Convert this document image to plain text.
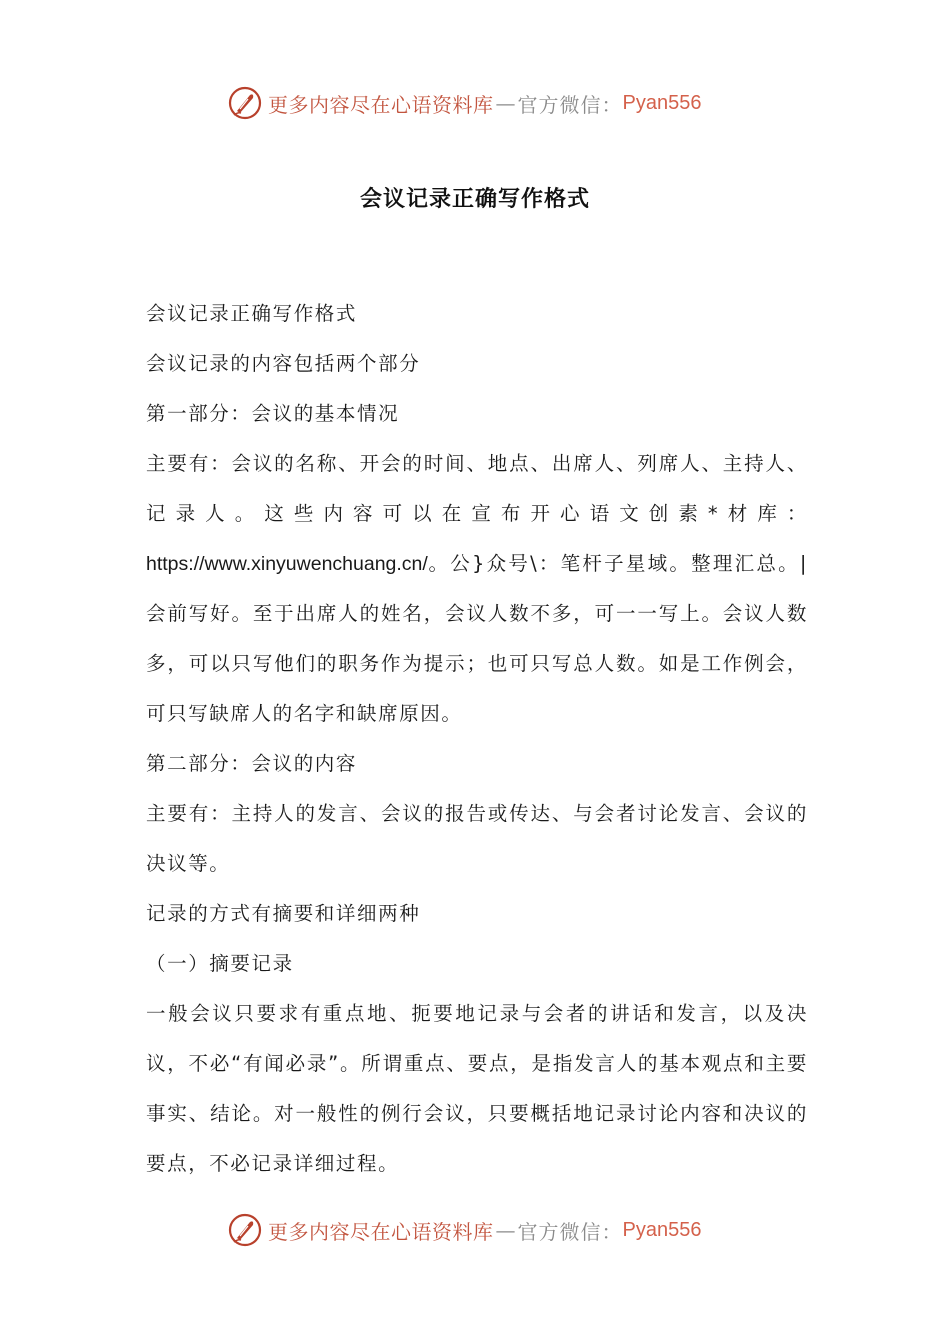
更多内容尽在心语资料库 — 官方微信： Pyan556
会议记录正确写作格式

会议记录正确写作格式

会议记录的内容包括两个部分

第一部分：会议的基本情况

主要有：会议的名称、开会的时间、地点、出席人、列席人、主持人、记录人。这些内容可以在宣布开心语文创素*材库：https://www.xinyuwenchuang.cn/。公}众号\：笔杆子星域。整理汇总。|会前写好。至于出席人的姓名，会议人数不多，可一一写上。会议人数多，可以只写他们的职务作为提示；也可只写总人数。如是工作例会，可只写缺席人的名字和缺席原因。

第二部分：会议的内容

主要有：主持人的发言、会议的报告或传达、与会者讨论发言、会议的决议等。

记录的方式有摘要和详细两种

（一）摘要记录

一般会议只要求有重点地、扼要地记录与会者的讲话和发言，以及决议，不必“有闻必录”。所谓重点、要点，是指发言人的基本观点和主要事实、结论。对一般性的例行会议，只要概括地记录讨论内容和决议的要点，不必记录详细过程。

更多内容尽在心语资料库 — 官方微信： Pyan556
